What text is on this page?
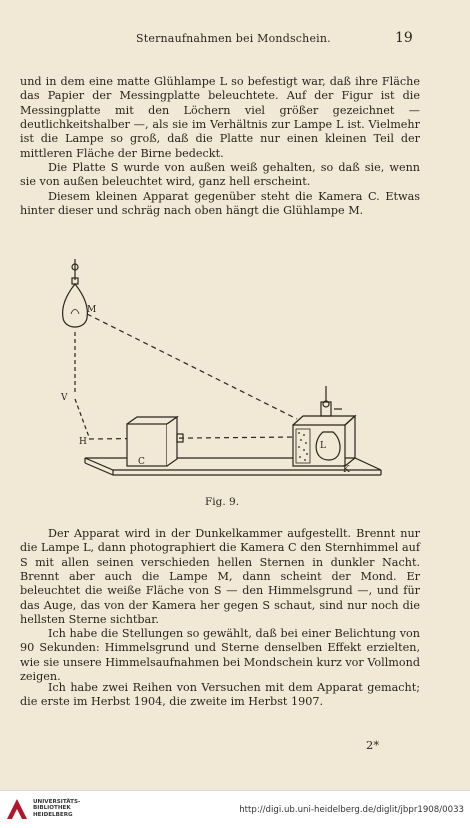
Sternaufnahmen bei Mondschein.	19

und in dem eine matte Glühlampe L so befestigt war, daß ihre Fläche das Papier der Messingplatte beleuchtete. Auf der Figur ist die Messingplatte mit den Löchern viel größer gezeichnet — deutlichkeitshalber —, als sie im Verhältnis zur Lampe L ist. Vielmehr ist die Lampe so groß, daß die Platte nur einen kleinen Teil der mittleren Fläche der Birne bedeckt.

Die Platte S wurde von außen weiß gehalten, so daß sie, wenn sie von außen beleuchtet wird, ganz hell erscheint.

Diesem kleinen Apparat gegenüber steht die Kamera C. Etwas hinter dieser und schräg nach oben hängt die Glühlampe M.

M
V
H
C
L
K
Fig. 9.

Der Apparat wird in der Dunkelkammer aufgestellt. Brennt nur die Lampe L, dann photographiert die Kamera C den Sternhimmel auf S mit allen seinen verschieden hellen Sternen in dunkler Nacht. Brennt aber auch die Lampe M, dann scheint der Mond. Er beleuchtet die weiße Fläche von S — den Himmelsgrund —, und für das Auge, das von der Kamera her gegen S schaut, sind nur noch die hellsten Sterne sichtbar.

Ich habe die Stellungen so gewählt, daß bei einer Belichtung von 90 Sekunden: Himmelsgrund und Sterne denselben Effekt erzielten, wie sie unsere Himmelsaufnahmen bei Mondschein kurz vor Vollmond zeigen.

Ich habe zwei Reihen von Versuchen mit dem Apparat gemacht; die erste im Herbst 1904, die zweite im Herbst 1907.

2*
UNIVERSITÄTS-
BIBLIOTHEK
HEIDELBERG	http://digi.ub.uni-heidelberg.de/diglit/jbpr1908/0033
